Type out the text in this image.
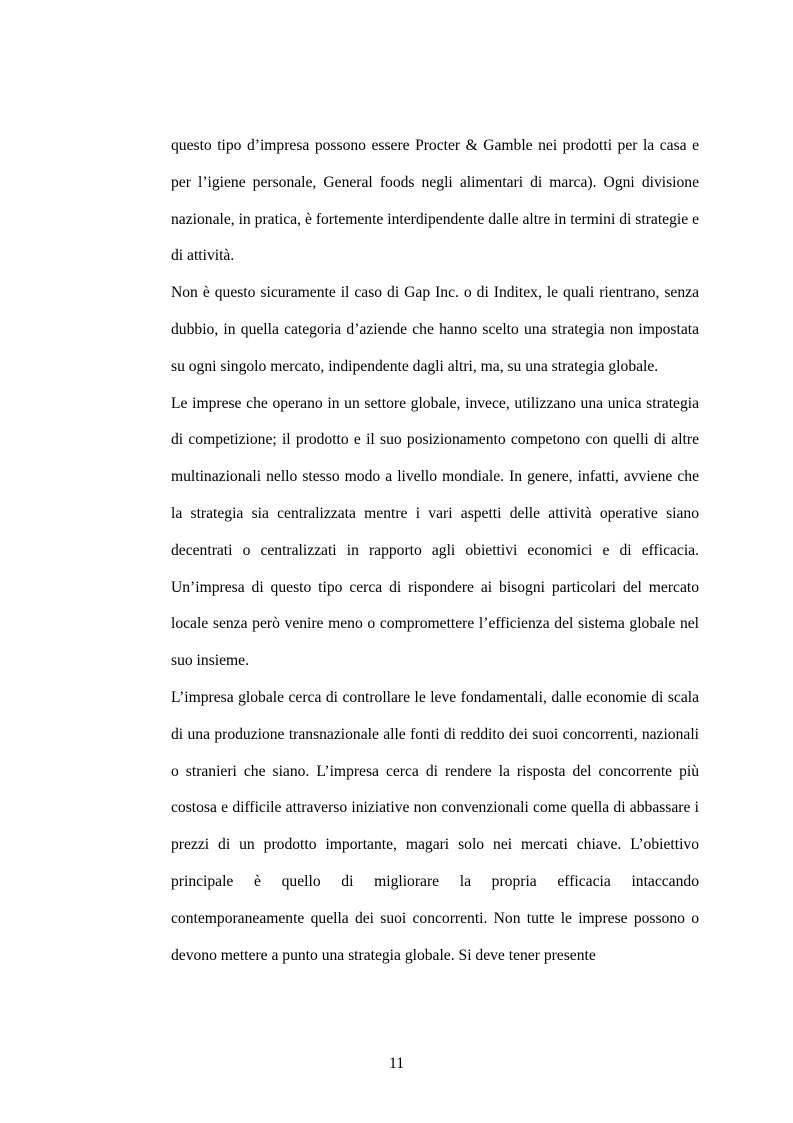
questo tipo d’impresa possono essere Procter & Gamble nei prodotti per la casa e per l’igiene personale, General foods negli alimentari di marca). Ogni divisione nazionale, in pratica, è fortemente interdipendente dalle altre in termini di strategie e di attività.

Non è questo sicuramente il caso di Gap Inc. o di Inditex, le quali rientrano, senza dubbio, in quella categoria d’aziende che hanno scelto una strategia non impostata su ogni singolo mercato, indipendente dagli altri, ma, su una strategia globale.

Le imprese che operano in un settore globale, invece, utilizzano una unica strategia di competizione; il prodotto e il suo posizionamento competono con quelli di altre multinazionali nello stesso modo a livello mondiale. In genere, infatti, avviene che la strategia sia centralizzata mentre i vari aspetti delle attività operative siano decentrati o centralizzati in rapporto agli obiettivi economici e di efficacia. Un’impresa di questo tipo cerca di rispondere ai bisogni particolari del mercato locale senza però venire meno o compromettere l’efficienza del sistema globale nel suo insieme.

L’impresa globale cerca di controllare le leve fondamentali, dalle economie di scala di una produzione transnazionale alle fonti di reddito dei suoi concorrenti, nazionali o stranieri che siano. L’impresa cerca di rendere la risposta del concorrente più costosa e difficile attraverso iniziative non convenzionali come quella di abbassare i prezzi di un prodotto importante, magari solo nei mercati chiave. L’obiettivo principale è quello di migliorare la propria efficacia intaccando contemporaneamente quella dei suoi concorrenti. Non tutte le imprese possono o devono mettere a punto una strategia globale. Si deve tener presente

11
